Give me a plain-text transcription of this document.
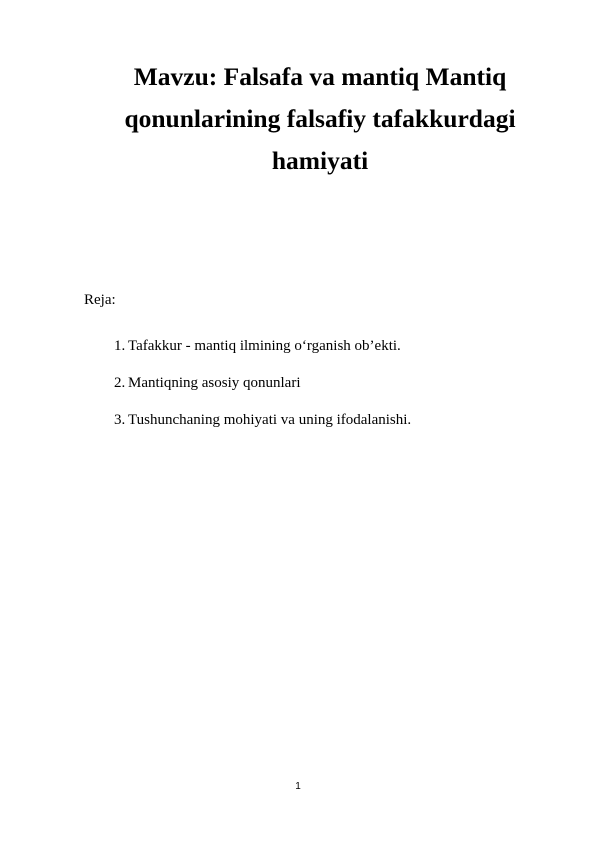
Mavzu: Falsafa va mantiq Mantiq
qonunlarining falsafiy tafakkurdagi
hamiyati
Reja:
1. Tafakkur - mantiq ilmining o‘rganish ob’ekti.
2. Mantiqning asosiy qonunlari
3. Tushunchaning mohiyati va uning ifodalanishi.
1
